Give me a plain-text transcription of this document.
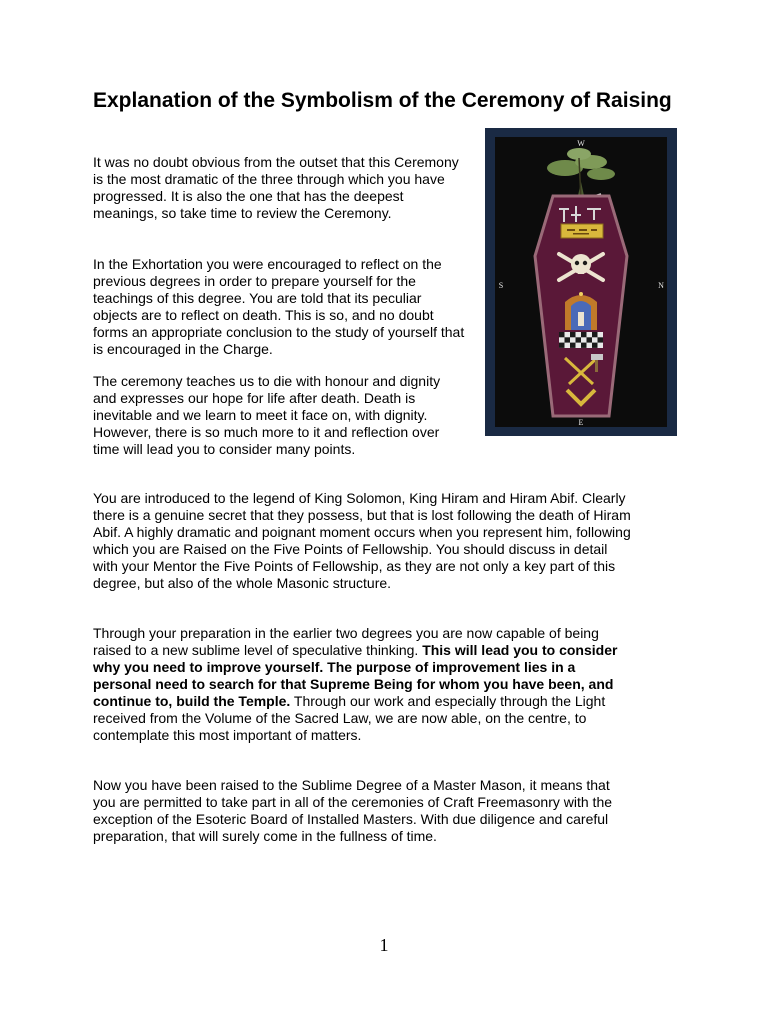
Explanation of the Symbolism of the Ceremony of Raising

It was no doubt obvious from the outset that this Ceremony is the most dramatic of the three through which you have progressed. It is also the one that has the deepest meanings, so take time to review the Ceremony.

In the Exhortation you were encouraged to reflect on the previous degrees in order to prepare yourself for the teachings of this degree. You are told that its peculiar objects are to reflect on death. This is so, and no doubt forms an appropriate conclusion to the study of yourself that is encouraged in the Charge.

The ceremony teaches us to die with honour and dignity and expresses our hope for life after death. Death is inevitable and we learn to meet it face on, with dignity. However, there is so much more to it and reflection over time will lead you to consider many points.

You are introduced to the legend of King Solomon, King Hiram and Hiram Abif. Clearly there is a genuine secret that they possess, but that is lost following the death of Hiram Abif. A highly dramatic and poignant moment occurs when you represent him, following which you are Raised on the Five Points of Fellowship. You should discuss in detail with your Mentor the Five Points of Fellowship, as they are not only a key part of this degree, but also of the whole Masonic structure.

Through your preparation in the earlier two degrees you are now capable of being raised to a new sublime level of speculative thinking. This will lead you to consider why you need to improve yourself. The purpose of improvement lies in a personal need to search for that Supreme Being for whom you have been, and continue to, build the Temple. Through our work and especially through the Light received from the Volume of the Sacred Law, we are now able, on the centre, to contemplate this most important of matters.

Now you have been raised to the Sublime Degree of a Master Mason, it means that you are permitted to take part in all of the ceremonies of Craft Freemasonry with the exception of the Esoteric Board of Installed Masters. With due diligence and careful preparation, that will surely come in the fullness of time.

1
W
E
S	N
